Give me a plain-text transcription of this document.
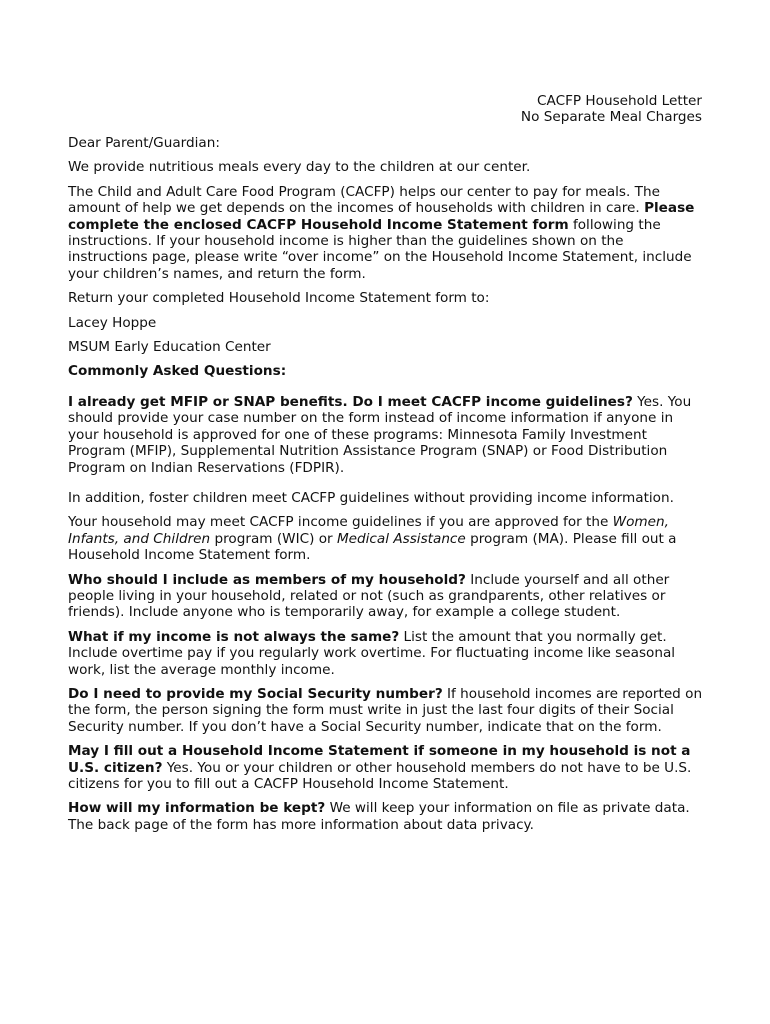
CACFP Household Letter
No Separate Meal Charges

Dear Parent/Guardian:

We provide nutritious meals every day to the children at our center.

The Child and Adult Care Food Program (CACFP) helps our center to pay for meals. The amount of help we get depends on the incomes of households with children in care. Please complete the enclosed CACFP Household Income Statement form following the instructions. If your household income is higher than the guidelines shown on the instructions page, please write “over income” on the Household Income Statement, include your children’s names, and return the form.

Return your completed Household Income Statement form to:

Lacey Hoppe

MSUM Early Education Center

Commonly Asked Questions:

I already get MFIP or SNAP benefits. Do I meet CACFP income guidelines? Yes. You should provide your case number on the form instead of income information if anyone in your household is approved for one of these programs: Minnesota Family Investment Program (MFIP), Supplemental Nutrition Assistance Program (SNAP) or Food Distribution Program on Indian Reservations (FDPIR).

In addition, foster children meet CACFP guidelines without providing income information.

Your household may meet CACFP income guidelines if you are approved for the Women, Infants, and Children program (WIC) or Medical Assistance program (MA). Please fill out a Household Income Statement form.

Who should I include as members of my household? Include yourself and all other people living in your household, related or not (such as grandparents, other relatives or friends). Include anyone who is temporarily away, for example a college student.

What if my income is not always the same? List the amount that you normally get. Include overtime pay if you regularly work overtime. For fluctuating income like seasonal work, list the average monthly income.

Do I need to provide my Social Security number? If household incomes are reported on the form, the person signing the form must write in just the last four digits of their Social Security number. If you don’t have a Social Security number, indicate that on the form.

May I fill out a Household Income Statement if someone in my household is not a U.S. citizen? Yes. You or your children or other household members do not have to be U.S. citizens for you to fill out a CACFP Household Income Statement.

How will my information be kept? We will keep your information on file as private data. The back page of the form has more information about data privacy.
